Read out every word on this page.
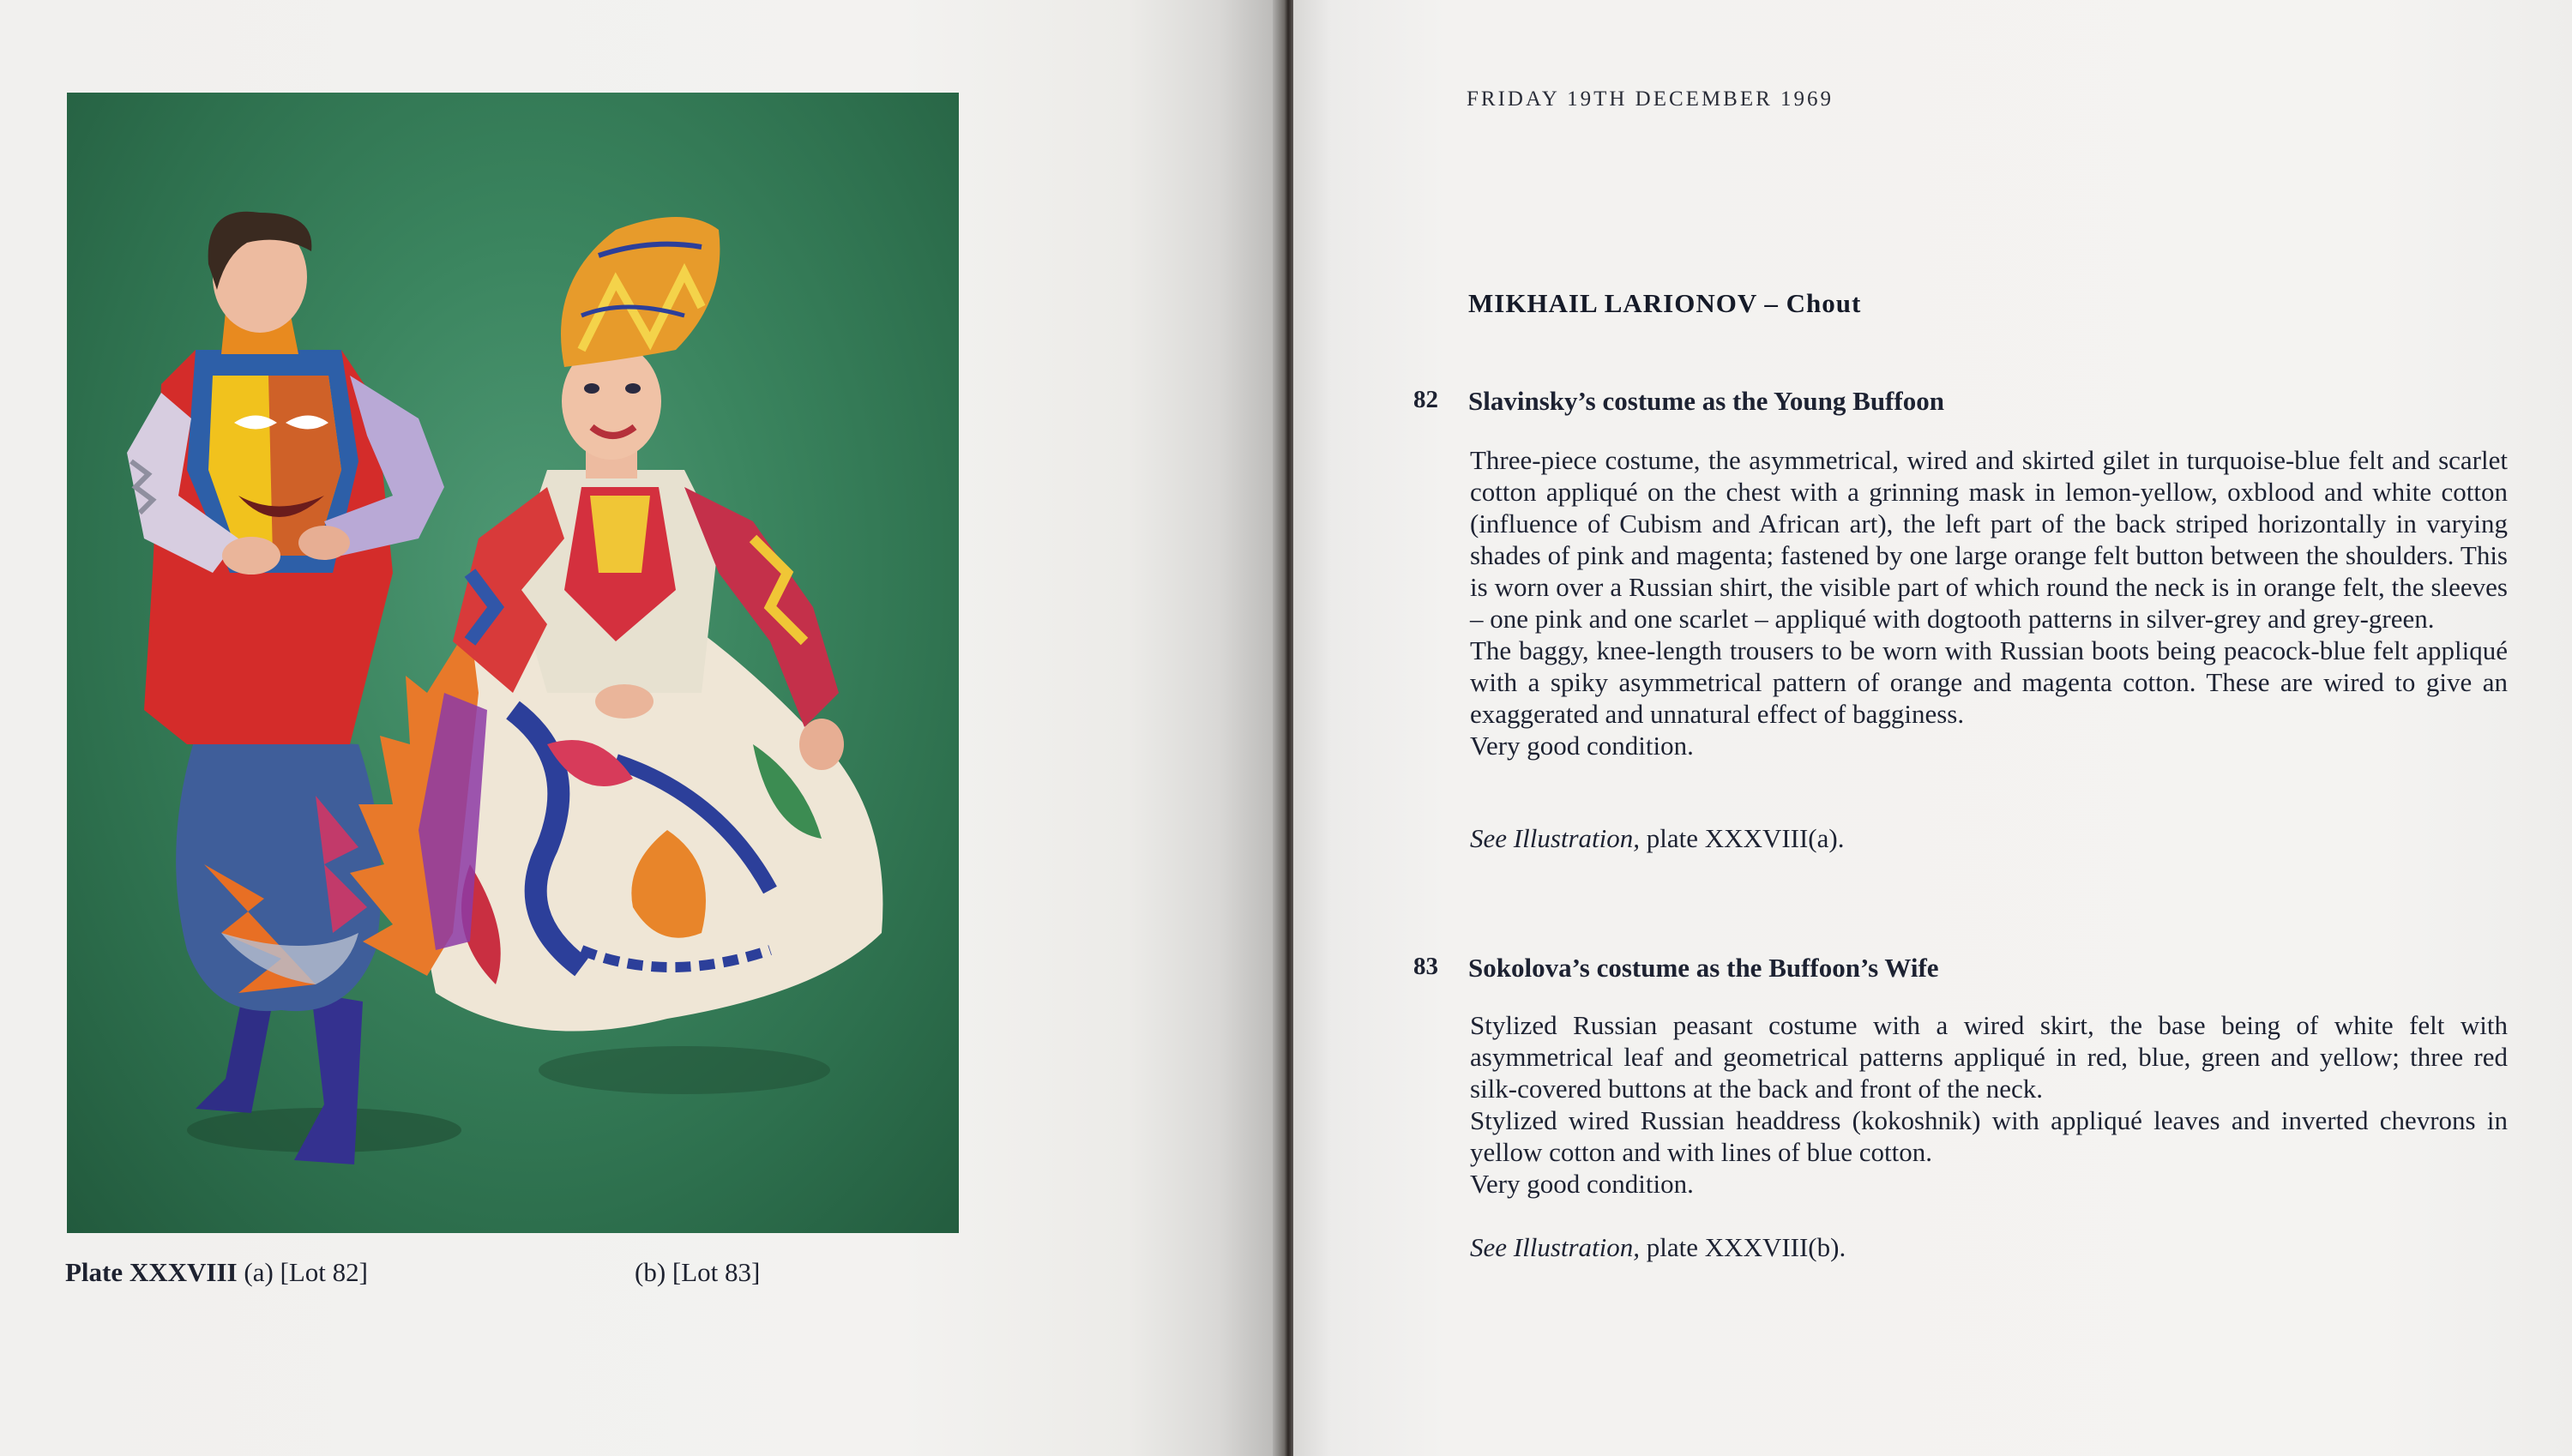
Plate XXXVIII (a) [Lot 82]	(b) [Lot 83]
FRIDAY 19TH DECEMBER 1969
MIKHAIL LARIONOV – Chout
82 Slavinsky’s costume as the Young Buffoon

Three-piece costume, the asymmetrical, wired and skirted gilet in turquoise-blue felt and scarlet cotton appliqué on the chest with a grinning mask in lemon-yellow, oxblood and white cotton (influence of Cubism and African art), the left part of the back striped horizontally in varying shades of pink and magenta; fastened by one large orange felt button between the shoulders. This is worn over a Russian shirt, the visible part of which round the neck is in orange felt, the sleeves – one pink and one scarlet – appliqué with dogtooth patterns in silver-grey and grey-green.

The baggy, knee-length trousers to be worn with Russian boots being peacock-blue felt appliqué with a spiky asymmetrical pattern of orange and magenta cotton. These are wired to give an exaggerated and unnatural effect of bagginess.

Very good condition.

See Illustration, plate XXXVIII(a).
83 Sokolova’s costume as the Buffoon’s Wife

Stylized Russian peasant costume with a wired skirt, the base being of white felt with asymmetrical leaf and geometrical patterns appliqué in red, blue, green and yellow; three red silk-covered buttons at the back and front of the neck.

Stylized wired Russian headdress (kokoshnik) with appliqué leaves and inverted chevrons in yellow cotton and with lines of blue cotton.

Very good condition.

See Illustration, plate XXXVIII(b).
